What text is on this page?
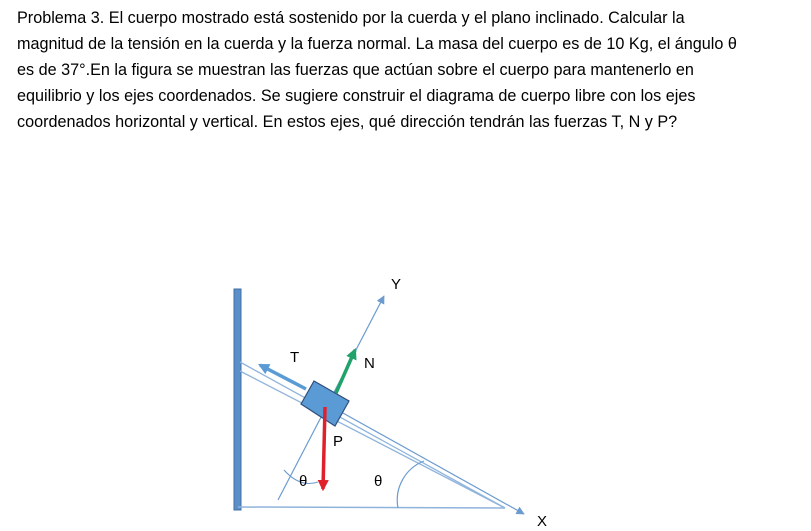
Problema 3. El cuerpo mostrado está sostenido por la cuerda y el plano inclinado. Calcular la
magnitud de la tensión en la cuerda y la fuerza normal. La masa del cuerpo es de 10 Kg, el ángulo θ
es de 37°.En la figura se muestran las fuerzas que actúan sobre el cuerpo para mantenerlo en
equilibrio y los ejes coordenados. Se sugiere construir el diagrama de cuerpo libre con los ejes
coordenados horizontal y vertical. En estos ejes, qué dirección tendrán las fuerzas T, N y P?
Y
X
T	N
P
θ
θ
